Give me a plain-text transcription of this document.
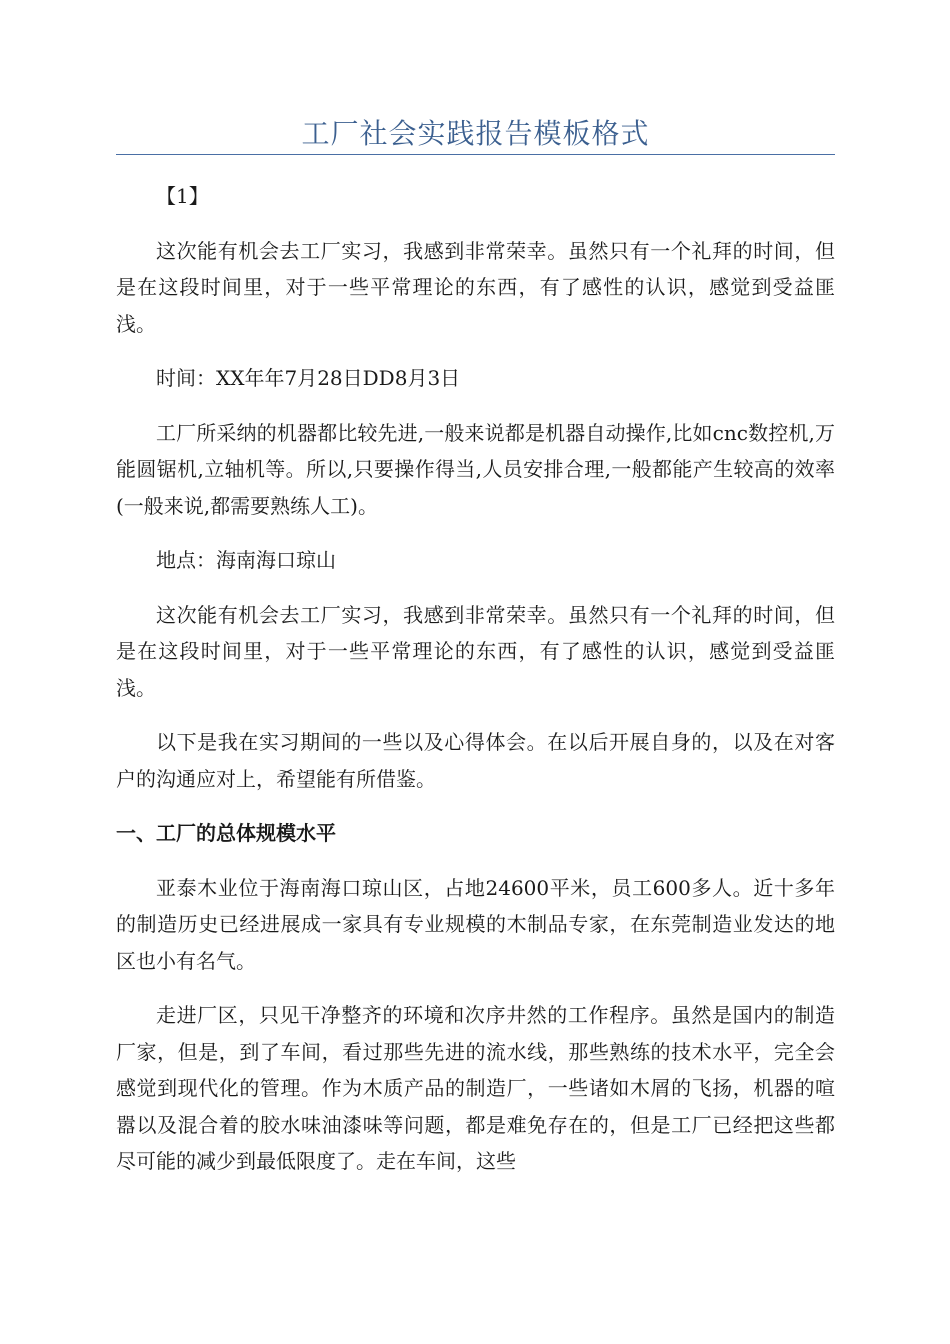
工厂社会实践报告模板格式

【1】

这次能有机会去工厂实习，我感到非常荣幸。虽然只有一个礼拜的时间，但是在这段时间里，对于一些平常理论的东西，有了感性的认识，感觉到受益匪浅。

时间：XX年年7月28日DD8月3日

工厂所采纳的机器都比较先进,一般来说都是机器自动操作,比如cnc数控机,万能圆锯机,立轴机等。所以,只要操作得当,人员安排合理,一般都能产生较高的效率(一般来说,都需要熟练人工)。

地点：海南海口琼山

这次能有机会去工厂实习，我感到非常荣幸。虽然只有一个礼拜的时间，但是在这段时间里，对于一些平常理论的东西，有了感性的认识，感觉到受益匪浅。

以下是我在实习期间的一些以及心得体会。在以后开展自身的，以及在对客户的沟通应对上，希望能有所借鉴。

一、工厂的总体规模水平

亚泰木业位于海南海口琼山区，占地24600平米，员工600多人。近十多年的制造历史已经进展成一家具有专业规模的木制品专家，在东莞制造业发达的地区也小有名气。

走进厂区，只见干净整齐的环境和次序井然的工作程序。虽然是国内的制造厂家，但是，到了车间，看过那些先进的流水线，那些熟练的技术水平，完全会感觉到现代化的管理。作为木质产品的制造厂，一些诸如木屑的飞扬，机器的喧嚣以及混合着的胶水味油漆味等问题，都是难免存在的，但是工厂已经把这些都尽可能的减少到最低限度了。走在车间，这些
